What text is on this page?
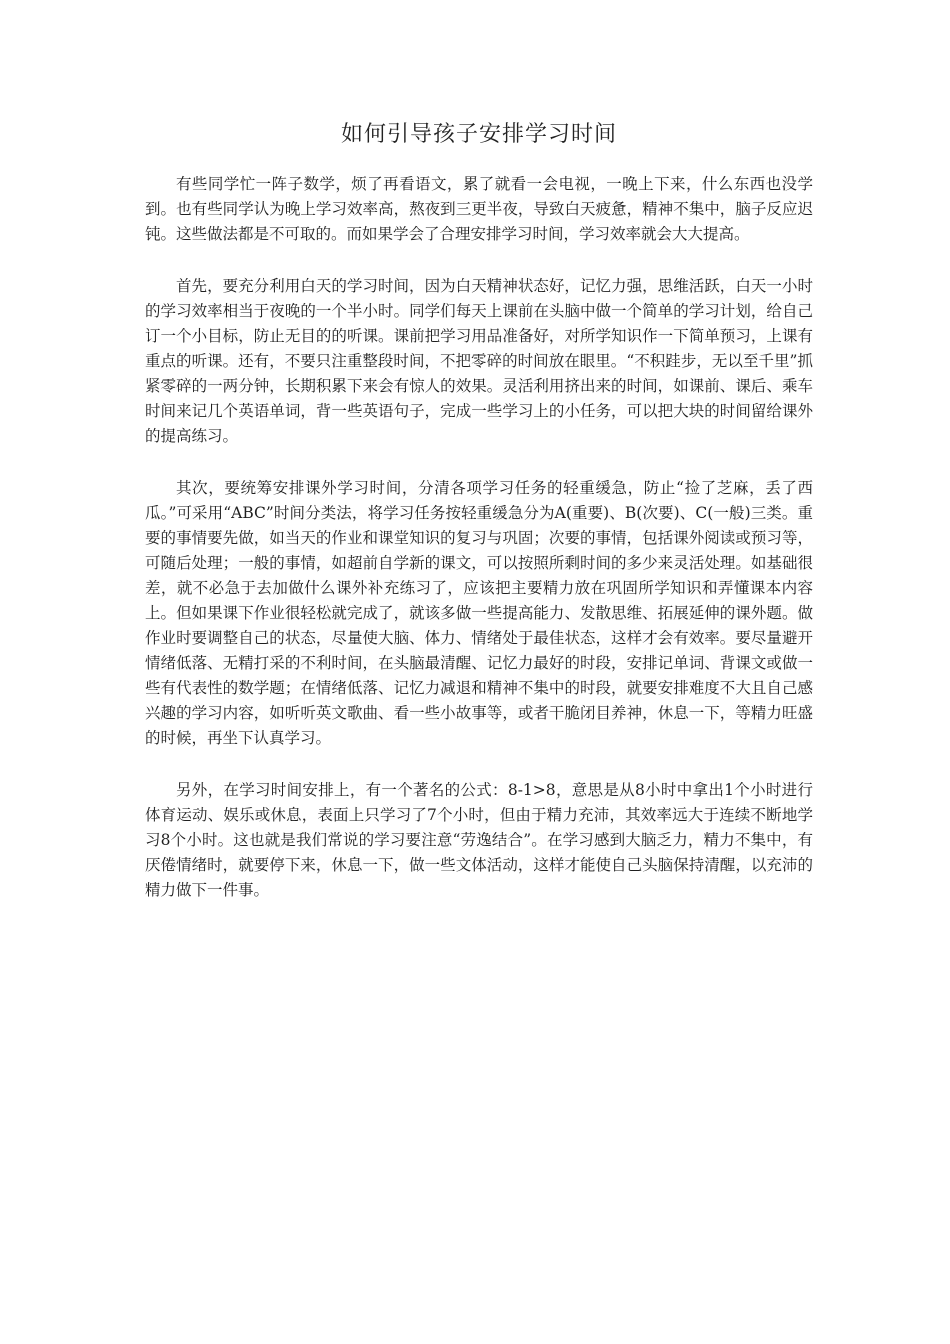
如何引导孩子安排学习时间

有些同学忙一阵子数学，烦了再看语文，累了就看一会电视，一晚上下来，什么东西也没学到。也有些同学认为晚上学习效率高，熬夜到三更半夜，导致白天疲惫，精神不集中，脑子反应迟钝。这些做法都是不可取的。而如果学会了合理安排学习时间，学习效率就会大大提高。

首先，要充分利用白天的学习时间，因为白天精神状态好，记忆力强，思维活跃，白天一小时的学习效率相当于夜晚的一个半小时。同学们每天上课前在头脑中做一个简单的学习计划，给自己订一个小目标，防止无目的的听课。课前把学习用品准备好，对所学知识作一下简单预习，上课有重点的听课。还有，不要只注重整段时间，不把零碎的时间放在眼里。“不积跬步，无以至千里”抓紧零碎的一两分钟，长期积累下来会有惊人的效果。灵活利用挤出来的时间，如课前、课后、乘车时间来记几个英语单词，背一些英语句子，完成一些学习上的小任务，可以把大块的时间留给课外的提高练习。

其次，要统筹安排课外学习时间，分清各项学习任务的轻重缓急，防止“捡了芝麻，丢了西瓜。”可采用“ABC”时间分类法，将学习任务按轻重缓急分为A(重要)、B(次要)、C(一般)三类。重要的事情要先做，如当天的作业和课堂知识的复习与巩固；次要的事情，包括课外阅读或预习等，可随后处理；一般的事情，如超前自学新的课文，可以按照所剩时间的多少来灵活处理。如基础很差，就不必急于去加做什么课外补充练习了，应该把主要精力放在巩固所学知识和弄懂课本内容上。但如果课下作业很轻松就完成了，就该多做一些提高能力、发散思维、拓展延伸的课外题。做作业时要调整自己的状态，尽量使大脑、体力、情绪处于最佳状态，这样才会有效率。要尽量避开情绪低落、无精打采的不利时间，在头脑最清醒、记忆力最好的时段，安排记单词、背课文或做一些有代表性的数学题；在情绪低落、记忆力减退和精神不集中的时段，就要安排难度不大且自己感兴趣的学习内容，如听听英文歌曲、看一些小故事等，或者干脆闭目养神，休息一下，等精力旺盛的时候，再坐下认真学习。

另外，在学习时间安排上，有一个著名的公式：8-1>8，意思是从8小时中拿出1个小时进行体育运动、娱乐或休息，表面上只学习了7个小时，但由于精力充沛，其效率远大于连续不断地学习8个小时。这也就是我们常说的学习要注意“劳逸结合”。在学习感到大脑乏力，精力不集中，有厌倦情绪时，就要停下来，休息一下，做一些文体活动，这样才能使自己头脑保持清醒，以充沛的精力做下一件事。
